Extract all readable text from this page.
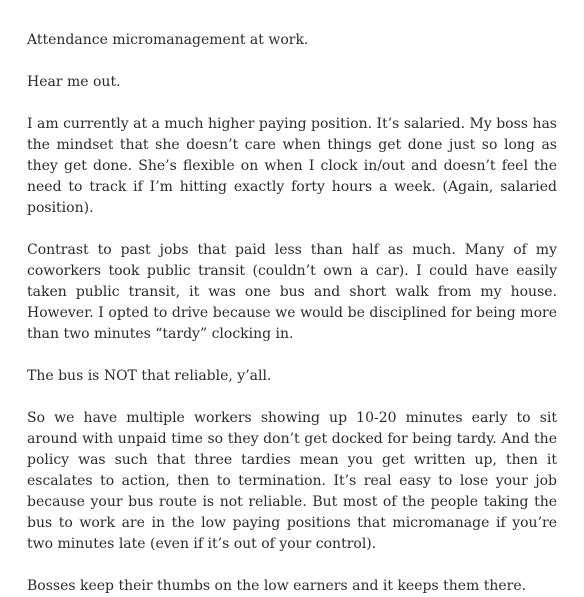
Attendance micromanagement at work.

Hear me out.

I am currently at a much higher paying position. It’s salaried. My boss has the mindset that she doesn’t care when things get done just so long as they get done. She’s flexible on when I clock in/out and doesn’t feel the need to track if I’m hitting exactly forty hours a week. (Again, salaried position).

Contrast to past jobs that paid less than half as much. Many of my coworkers took public transit (couldn’t own a car). I could have easily taken public transit, it was one bus and short walk from my house. However. I opted to drive because we would be disciplined for being more than two minutes “tardy” clocking in.

The bus is NOT that reliable, y’all.

So we have multiple workers showing up 10-20 minutes early to sit around with unpaid time so they don’t get docked for being tardy. And the policy was such that three tardies mean you get written up, then it escalates to action, then to termination. It’s real easy to lose your job because your bus route is not reliable. But most of the people taking the bus to work are in the low paying positions that micromanage if you’re two minutes late (even if it’s out of your control).

Bosses keep their thumbs on the low earners and it keeps them there.
